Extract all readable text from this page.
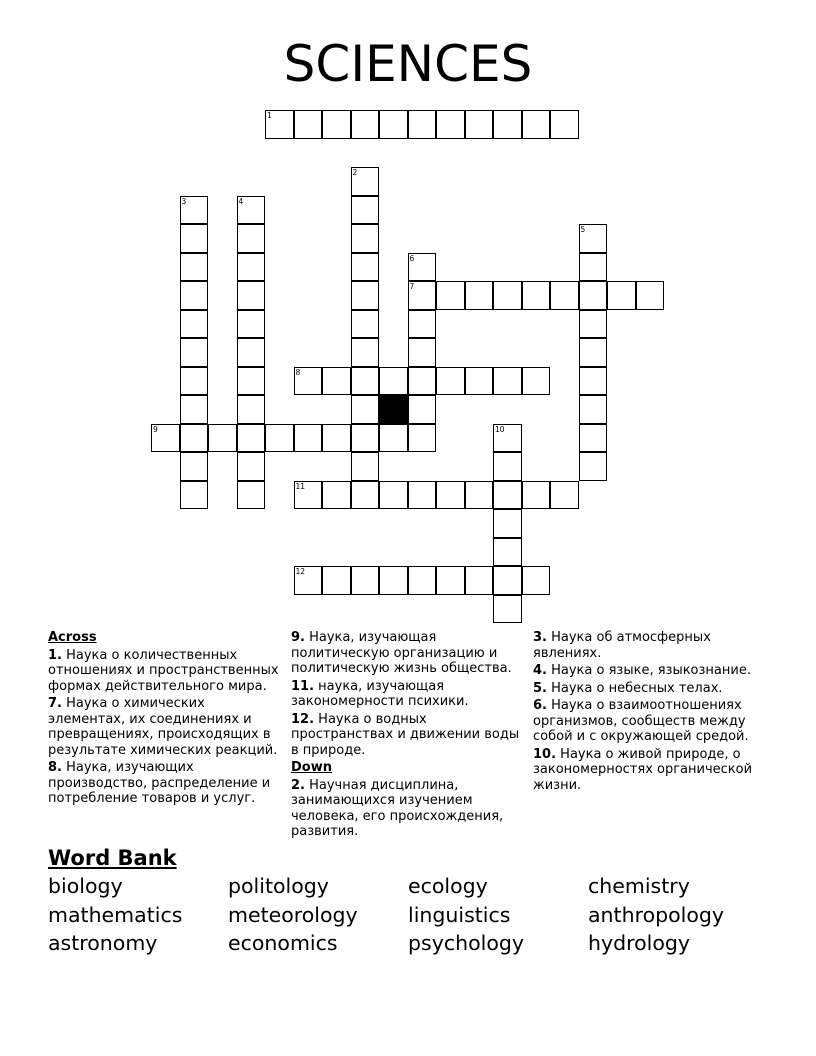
SCIENCES
1
2
3	4
5
6
7
8
9	10
11
12
Across
1. Наука о количественных отношениях и пространственных формах действительного мира.
7. Наука о химических элементах, их соединениях и превращениях, происходящих в результате химических реакций.
8. Наука, изучающих производство, распределение и потребление товаров и услуг.
9. Наука, изучающая политическую организацию и политическую жизнь общества.
11. наука, изучающая закономерности психики.
12. Наука о водных пространствах и движении воды в природе.
Down
2. Научная дисциплина, занимающихся изучением человека, его происхождения, развития.
3. Наука об атмосферных явлениях.
4. Наука о языке, языкознание.
5. Наука о небесных телах.
6. Наука о взаимоотношениях организмов, сообществ между собой и с окружающей средой.
10. Наука о живой природе, о закономерностях органической жизни.
Word Bank
biology	politology	ecology	chemistry
mathematics meteorology linguistics	anthropology
astronomy	economics	psychology	hydrology
